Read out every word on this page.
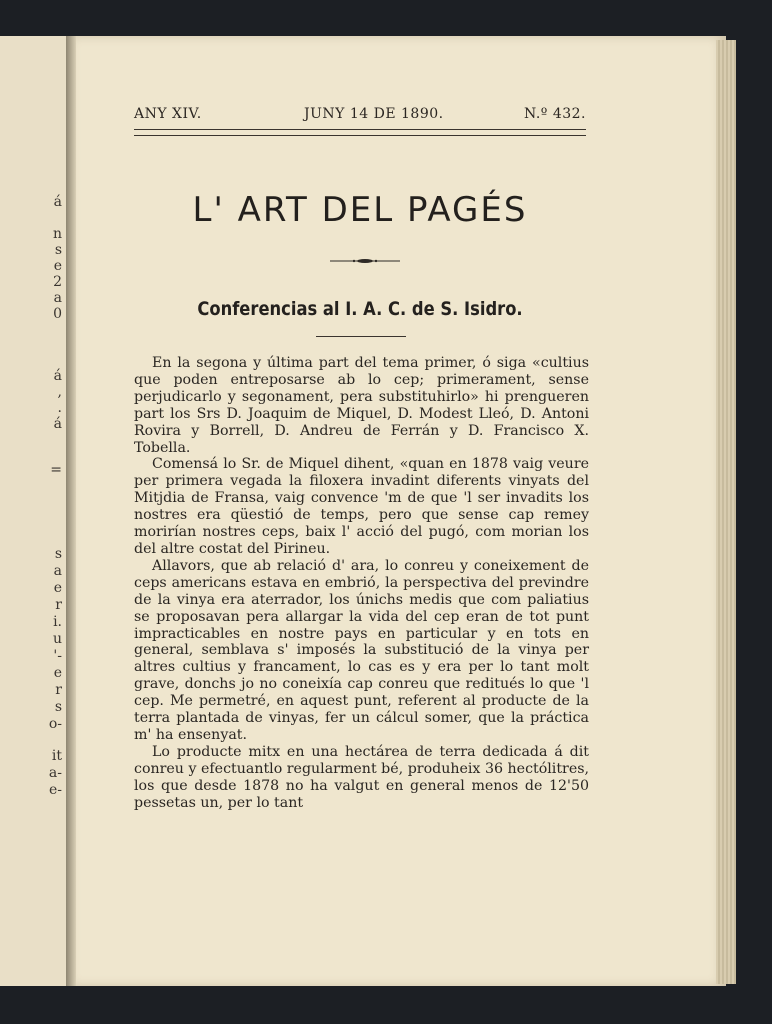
á
n
s
e
2
a
0
á
,
.
á
=
s
a
e
r
i.
u
'-
e
r
s
o-
it
a-
e-
ANY XIV.	JUNY 14 DE 1890.	N.º 432.
L' ART DEL PAGÉS
Conferencias al I. A. C. de S. Isidro.

En la segona y última part del tema primer, ó siga «cultius que poden entreposarse ab lo cep; primerament, sense perjudicarlo y segonament, pera substituhirlo» hi prengueren part los Srs D. Joaquim de Miquel, D. Modest Lleó, D. Antoni Rovira y Borrell, D. Andreu de Ferrán y D. Francisco X. Tobella.

Comensá lo Sr. de Miquel dihent, «quan en 1878 vaig veure per primera vegada la filoxera invadint diferents vinyats del Mitjdia de Fransa, vaig convence 'm de que 'l ser invadits los nostres era qüestió de temps, pero que sense cap remey morirían nostres ceps, baix l' acció del pugó, com morian los del altre costat del Pirineu.

Allavors, que ab relació d' ara, lo conreu y coneixement de ceps americans estava en embrió, la perspectiva del previndre de la vinya era aterrador, los únichs medis que com paliatius se proposavan pera allargar la vida del cep eran de tot punt impracticables en nostre pays en particular y en tots en general, semblava s' imposés la substitució de la vinya per altres cultius y francament, lo cas es y era per lo tant molt grave, donchs jo no coneixía cap conreu que reditués lo que 'l cep. Me permetré, en aquest punt, referent al producte de la terra plantada de vinyas, fer un cálcul somer, que la práctica m' ha ensenyat.

Lo producte mitx en una hectárea de terra dedicada á dit conreu y efectuantlo regularment bé, produheix 36 hectólitres, los que desde 1878 no ha valgut en general menos de 12'50 pessetas un, per lo tant
